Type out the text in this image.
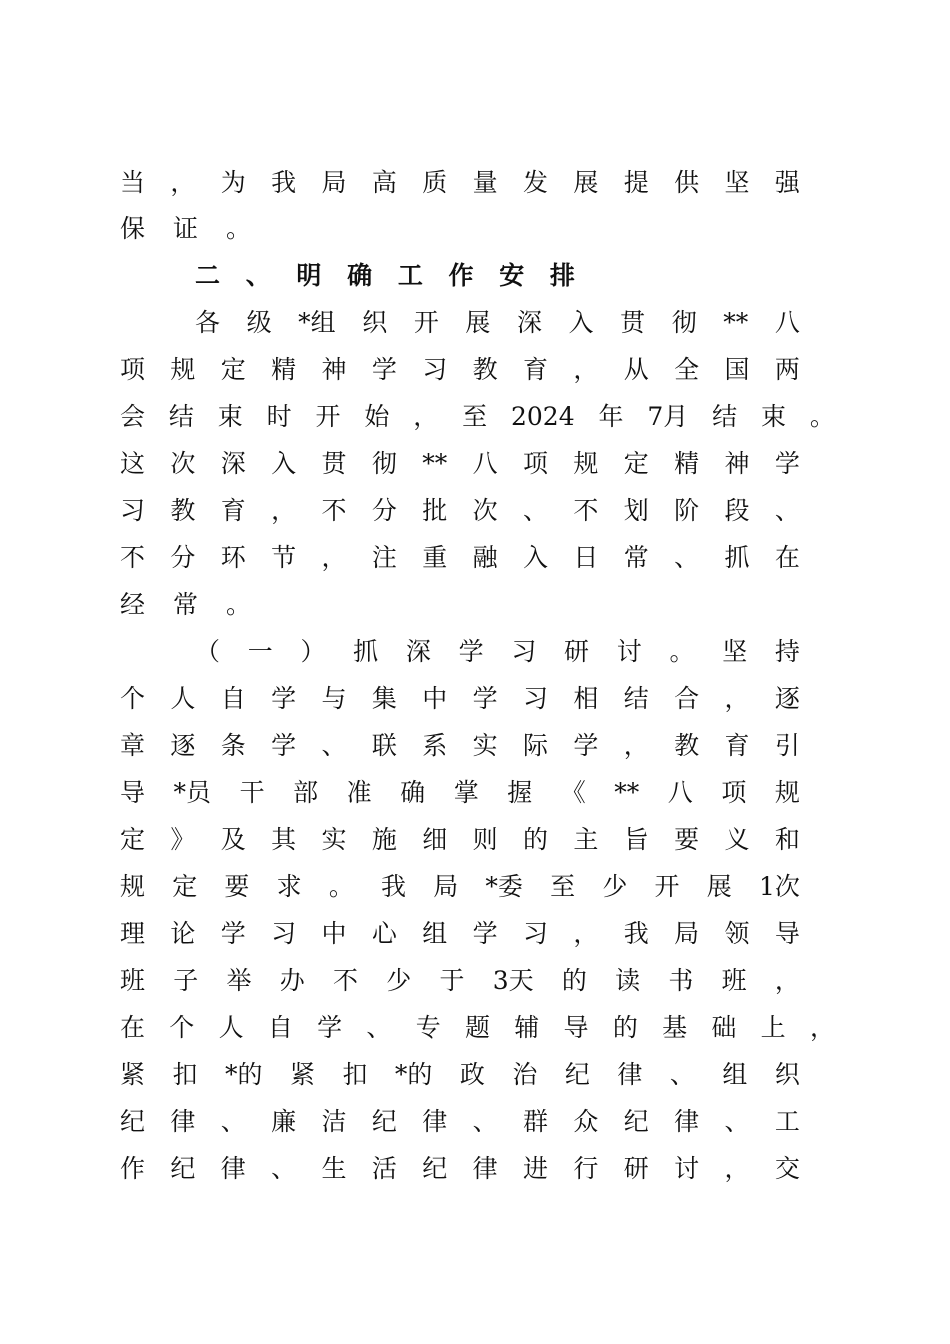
当 ， 为 我 局 高 质 量 发 展 提 供 坚 强
保 证 。
二 、 明 确 工 作 安 排
各 级 *组 织 开 展 深 入 贯 彻 ** 八
项 规 定 精 神 学 习 教 育 ， 从 全 国 两
会 结 束 时 开 始 ， 至 2024 年 7月 结 束 。
这 次 深 入 贯 彻 ** 八 项 规 定 精 神 学
习 教 育 ， 不 分 批 次 、 不 划 阶 段 、
不 分 环 节 ， 注 重 融 入 日 常 、 抓 在
经 常 。
（ 一 ） 抓 深 学 习 研 讨 。 坚 持
个 人 自 学 与 集 中 学 习 相 结 合 ， 逐
章 逐 条 学 、 联 系 实 际 学 ， 教 育 引
导 *员 干 部 准 确 掌 握 《 ** 八 项 规
定 》 及 其 实 施 细 则 的 主 旨 要 义 和
规 定 要 求 。 我 局 *委 至 少 开 展 1次
理 论 学 习 中 心 组 学 习 ， 我 局 领 导
班 子 举 办 不 少 于 3天 的 读 书 班 ，
在 个 人 自 学 、 专 题 辅 导 的 基 础 上 ，
紧 扣 *的 紧 扣 *的 政 治 纪 律 、 组 织
纪 律 、 廉 洁 纪 律 、 群 众 纪 律 、 工
作 纪 律 、 生 活 纪 律 进 行 研 讨 ， 交
